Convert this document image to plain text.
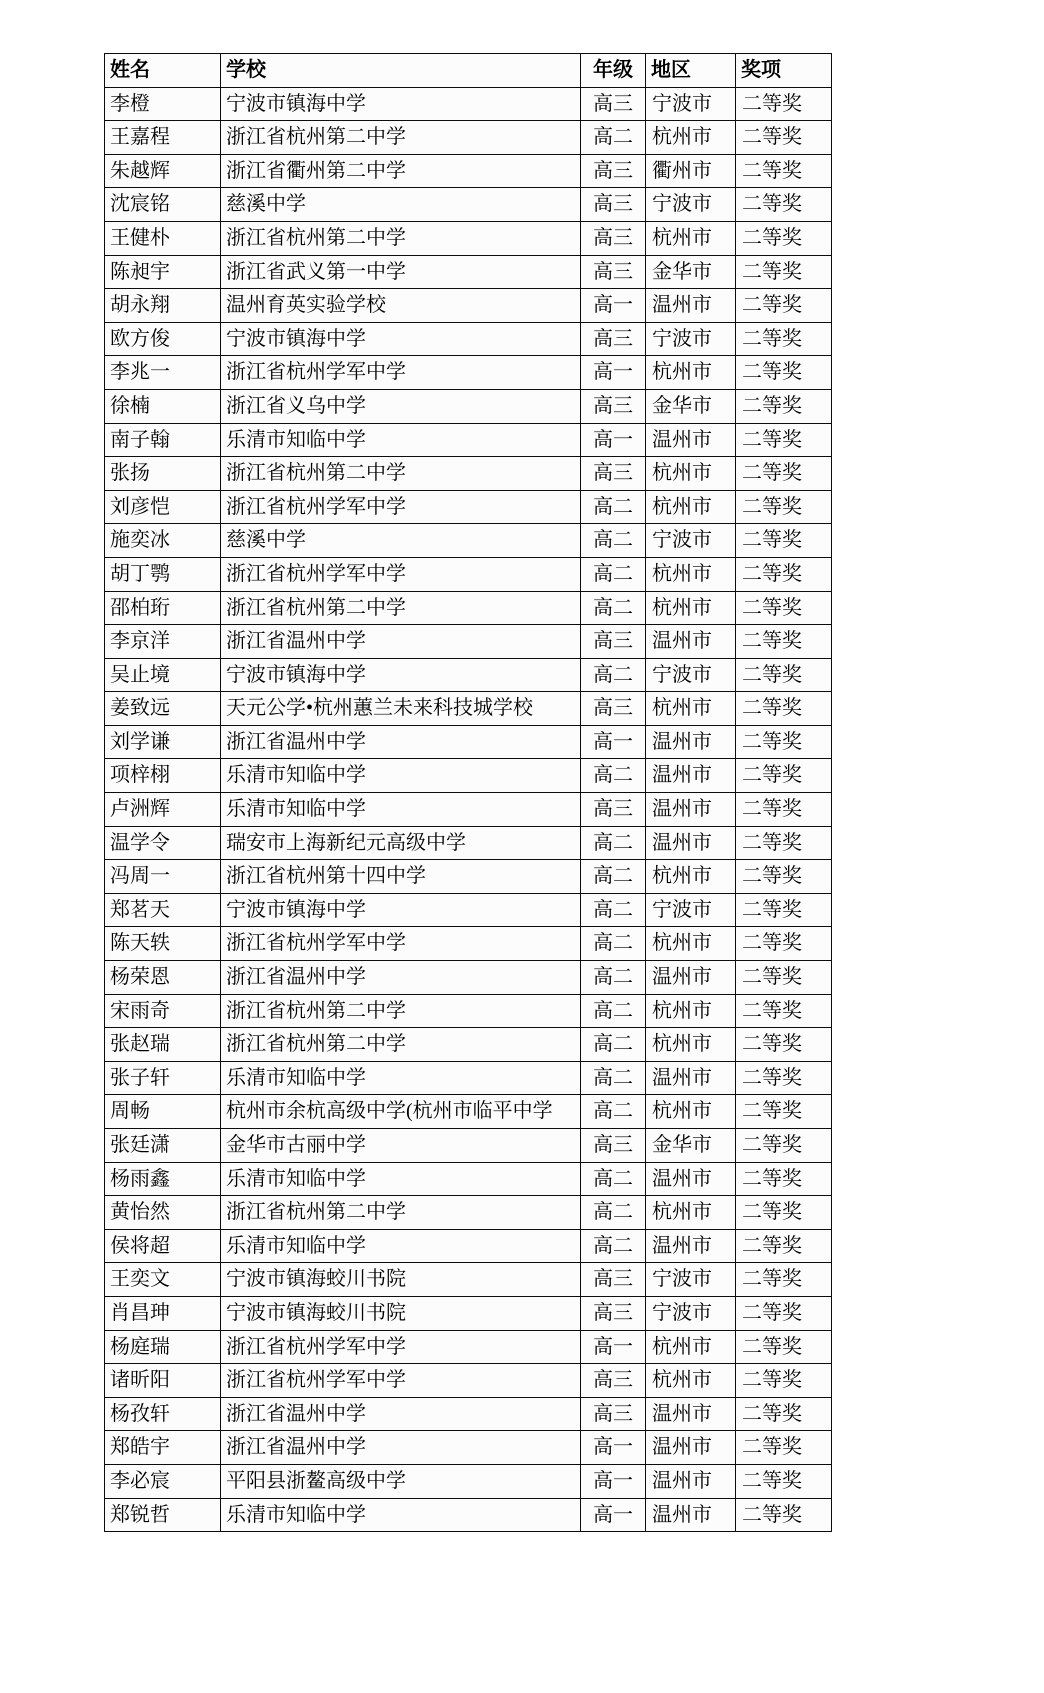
姓名	学校	年级	地区	奖项
李橙	宁波市镇海中学	高三	宁波市	二等奖
王嘉程	浙江省杭州第二中学	高二	杭州市	二等奖
朱越辉	浙江省衢州第二中学	高三	衢州市	二等奖
沈宸铭	慈溪中学	高三	宁波市	二等奖
王健朴	浙江省杭州第二中学	高三	杭州市	二等奖
陈昶宇	浙江省武义第一中学	高三	金华市	二等奖
胡永翔	温州育英实验学校	高一	温州市	二等奖
欧方俊	宁波市镇海中学	高三	宁波市	二等奖
李兆一	浙江省杭州学军中学	高一	杭州市	二等奖
徐楠	浙江省义乌中学	高三	金华市	二等奖
南子翰	乐清市知临中学	高一	温州市	二等奖
张扬	浙江省杭州第二中学	高三	杭州市	二等奖
刘彦恺	浙江省杭州学军中学	高二	杭州市	二等奖
施奕冰	慈溪中学	高二	宁波市	二等奖
胡丁鹗	浙江省杭州学军中学	高二	杭州市	二等奖
邵柏珩	浙江省杭州第二中学	高二	杭州市	二等奖
李京洋	浙江省温州中学	高三	温州市	二等奖
吴止境	宁波市镇海中学	高二	宁波市	二等奖
姜致远	天元公学•杭州蕙兰未来科技城学校	高三	杭州市	二等奖
刘学谦	浙江省温州中学	高一	温州市	二等奖
项梓栩	乐清市知临中学	高二	温州市	二等奖
卢洲辉	乐清市知临中学	高三	温州市	二等奖
温学令	瑞安市上海新纪元高级中学	高二	温州市	二等奖
冯周一	浙江省杭州第十四中学	高二	杭州市	二等奖
郑茗天	宁波市镇海中学	高二	宁波市	二等奖
陈天轶	浙江省杭州学军中学	高二	杭州市	二等奖
杨荣恩	浙江省温州中学	高二	温州市	二等奖
宋雨奇	浙江省杭州第二中学	高二	杭州市	二等奖
张赵瑞	浙江省杭州第二中学	高二	杭州市	二等奖
张子轩	乐清市知临中学	高二	温州市	二等奖
周畅	杭州市余杭高级中学(杭州市临平中学	高二	杭州市	二等奖
张廷潇	金华市古丽中学	高三	金华市	二等奖
杨雨鑫	乐清市知临中学	高二	温州市	二等奖
黄怡然	浙江省杭州第二中学	高二	杭州市	二等奖
侯将超	乐清市知临中学	高二	温州市	二等奖
王奕文	宁波市镇海蛟川书院	高三	宁波市	二等奖
肖昌珅	宁波市镇海蛟川书院	高三	宁波市	二等奖
杨庭瑞	浙江省杭州学军中学	高一	杭州市	二等奖
诸昕阳	浙江省杭州学军中学	高三	杭州市	二等奖
杨孜轩	浙江省温州中学	高三	温州市	二等奖
郑皓宇	浙江省温州中学	高一	温州市	二等奖
李必宸	平阳县浙鳌高级中学	高一	温州市	二等奖
郑锐哲	乐清市知临中学	高一	温州市	二等奖
